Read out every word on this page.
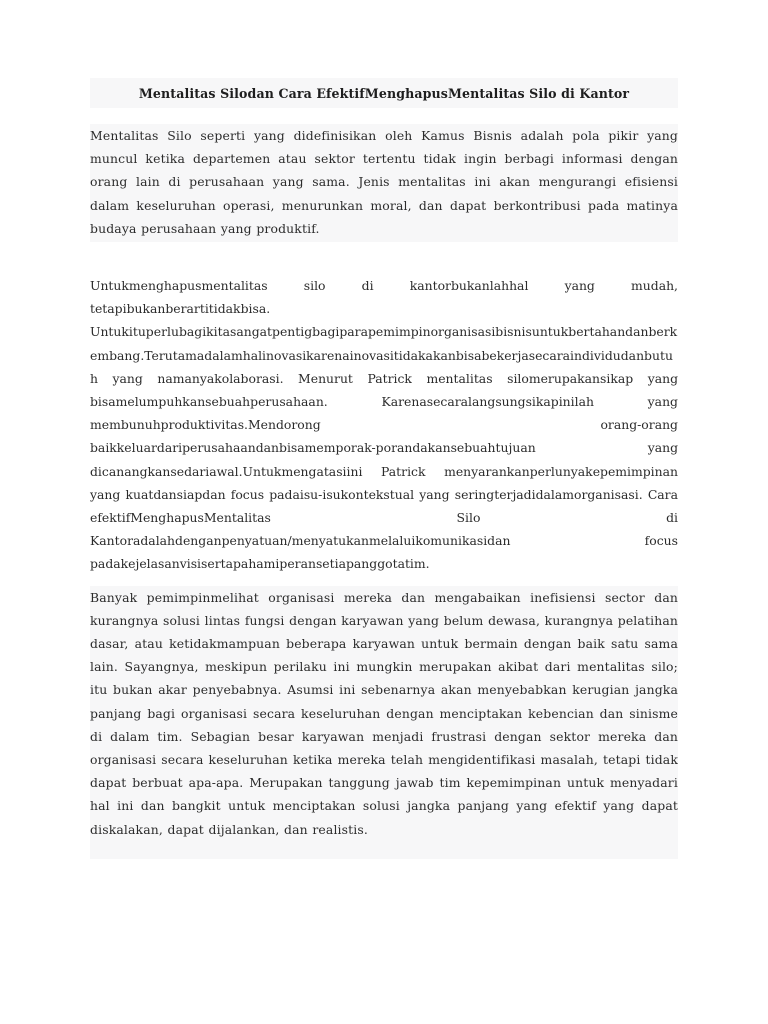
Mentalitas Silodan Cara EfektifMenghapusMentalitas Silo di Kantor

Mentalitas Silo seperti yang didefinisikan oleh Kamus Bisnis adalah pola pikir yang muncul ketika departemen atau sektor tertentu tidak ingin berbagi informasi dengan orang lain di perusahaan yang sama. Jenis mentalitas ini akan mengurangi efisiensi dalam keseluruhan operasi, menurunkan moral, dan dapat berkontribusi pada matinya budaya perusahaan yang produktif.

Untukmenghapusmentalitas silo di kantorbukanlahhal yang mudah, tetapibukanberartitidakbisa. Untukituperlubagikitasangatpentigbagiparapemimpinorganisasibisnisuntukbertahandanberkembang.Terutamadalamhalinovasikarenainovasitidakakanbisabekerjasecaraindividudanbutuh yang namanyakolaborasi. Menurut Patrick mentalitas silomerupakansikap yang bisamelumpuhkansebuahperusahaan. Karenasecaralangsungsikapinilah yang membunuhproduktivitas.Mendorong orang-orang baikkeluardariperusahaandanbisamemporak-porandakansebuahtujuan yang dicanangkansedariawal.Untukmengatasiini Patrick menyarankanperlunyakepemimpinan yang kuatdansiapdan focus padaisu-isukontekstual yang seringterjadidalamorganisasi. Cara efektifMenghapusMentalitas Silo di Kantoradalahdenganpenyatuan/menyatukanmelaluikomunikasidan focus padakejelasanvisisertapahamiperansetiapanggotatim.

Banyak pemimpinmelihat organisasi mereka dan mengabaikan inefisiensi sector dan kurangnya solusi lintas fungsi dengan karyawan yang belum dewasa, kurangnya pelatihan dasar, atau ketidakmampuan beberapa karyawan untuk bermain dengan baik satu sama lain. Sayangnya, meskipun perilaku ini mungkin merupakan akibat dari mentalitas silo; itu bukan akar penyebabnya. Asumsi ini sebenarnya akan menyebabkan kerugian jangka panjang bagi organisasi secara keseluruhan dengan menciptakan kebencian dan sinisme di dalam tim. Sebagian besar karyawan menjadi frustrasi dengan sektor mereka dan organisasi secara keseluruhan ketika mereka telah mengidentifikasi masalah, tetapi tidak dapat berbuat apa-apa. Merupakan tanggung jawab tim kepemimpinan untuk menyadari hal ini dan bangkit untuk menciptakan solusi jangka panjang yang efektif yang dapat diskalakan, dapat dijalankan, dan realistis.
